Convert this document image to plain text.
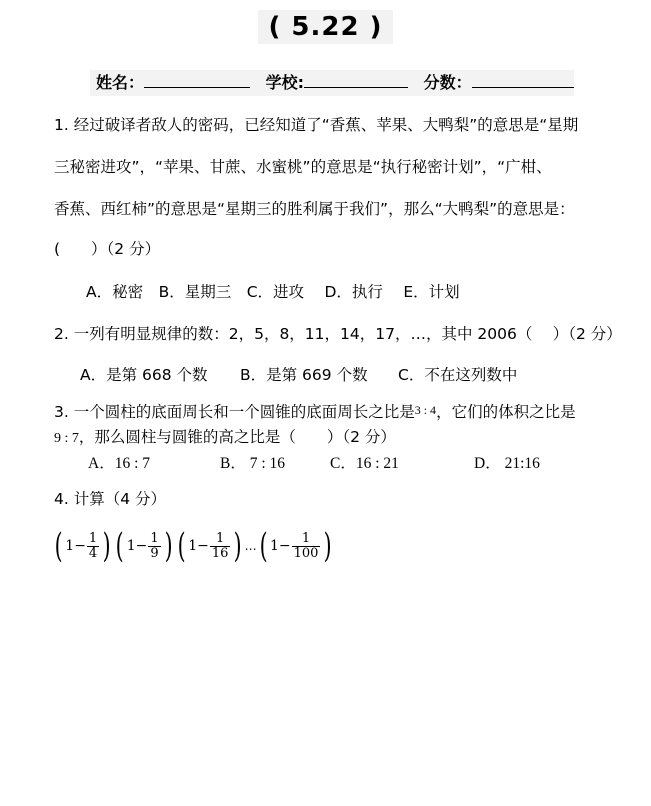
( 5.22 )
姓名：	学校:	分数：
1. 经过破译者敌人的密码，已经知道了“香蕉、苹果、大鸭梨”的意思是“星期
三秘密进攻”，“苹果、甘蔗、水蜜桃”的意思是“执行秘密计划”，“广柑、
香蕉、西红柿”的意思是“星期三的胜利属于我们”，那么“大鸭梨”的意思是：
(　　）（2 分）
A．秘密　B．星期三　C．进攻　 D．执行　 E．计划
2. 一列有明显规律的数：2，5，8，11，14，17，…，其中 2006（　 ）（2 分）
A．是第 668 个数 B．是第 669 个数 C．不在这列数中
3. 一个圆柱的底面周长和一个圆锥的底面周长之比是3 : 4，它们的体积之比是
9 : 7，那么圆柱与圆锥的高之比是（　　）（2 分）
A．16 : 7	B． 7 : 16	C．16 : 21	D． 21:16
4. 计算（4 分）
( $1- \frac{1}{4}$ ) ( $1- \frac{1}{9}$ ) ( $1- \frac{1}{16}$ ) …( $1- \frac{1}{100}$ )
